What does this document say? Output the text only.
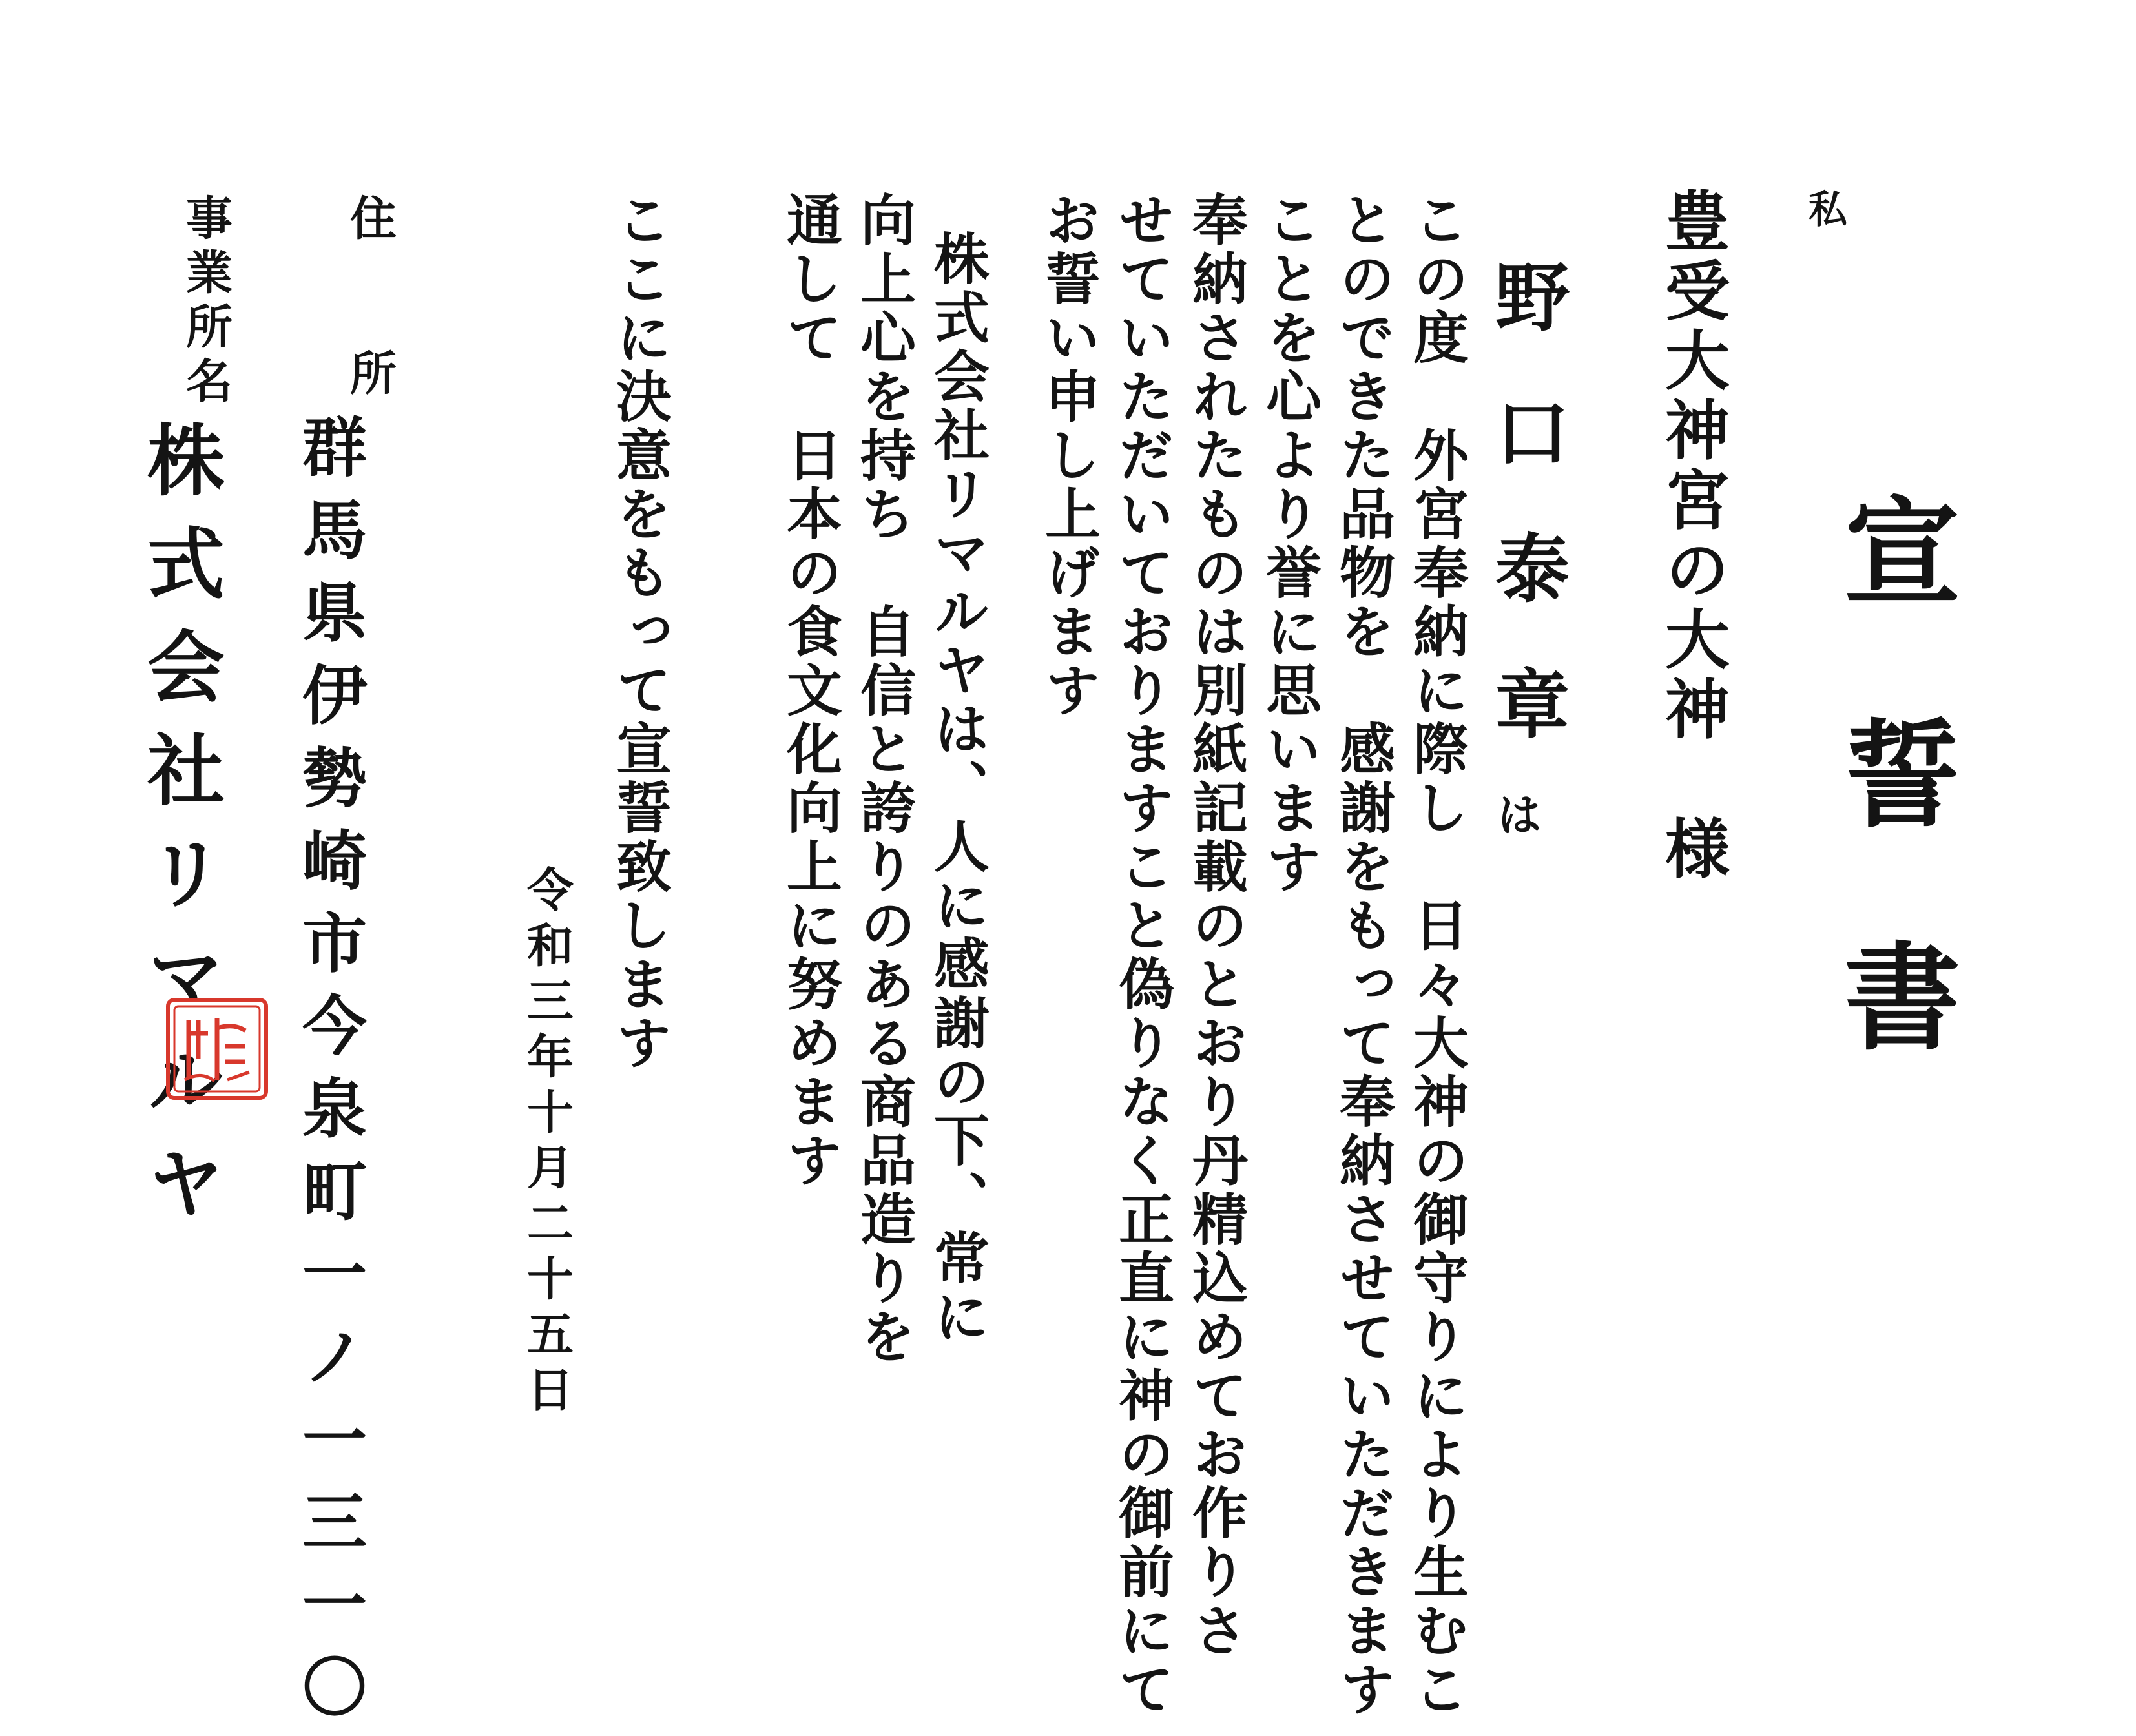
宣誓書
豊受大神宮の大神　様 私
野口泰章
は
この度　外宮奉納に際し　日々大神の御守りにより生むこ
とのできた品物を　感謝をもって奉納させていただきます
ことを心より誉に思います
奉納されたものは別紙記載のとおり丹精込めてお作りさ
せていただいておりますこと偽りなく正直に神の御前にて
お誓い申し上げます
株式会社リマルヤは、人に感謝の下、常に
向上心を持ち　自信と誇りのある商品造りを
通して　日本の食文化向上に努めます
ここに決意をもって宣誓致します
令和三年十月二十五日
住
所
群馬県伊勢崎市今泉町一ノ一三一〇
事業所名
株式会社リマルヤ
